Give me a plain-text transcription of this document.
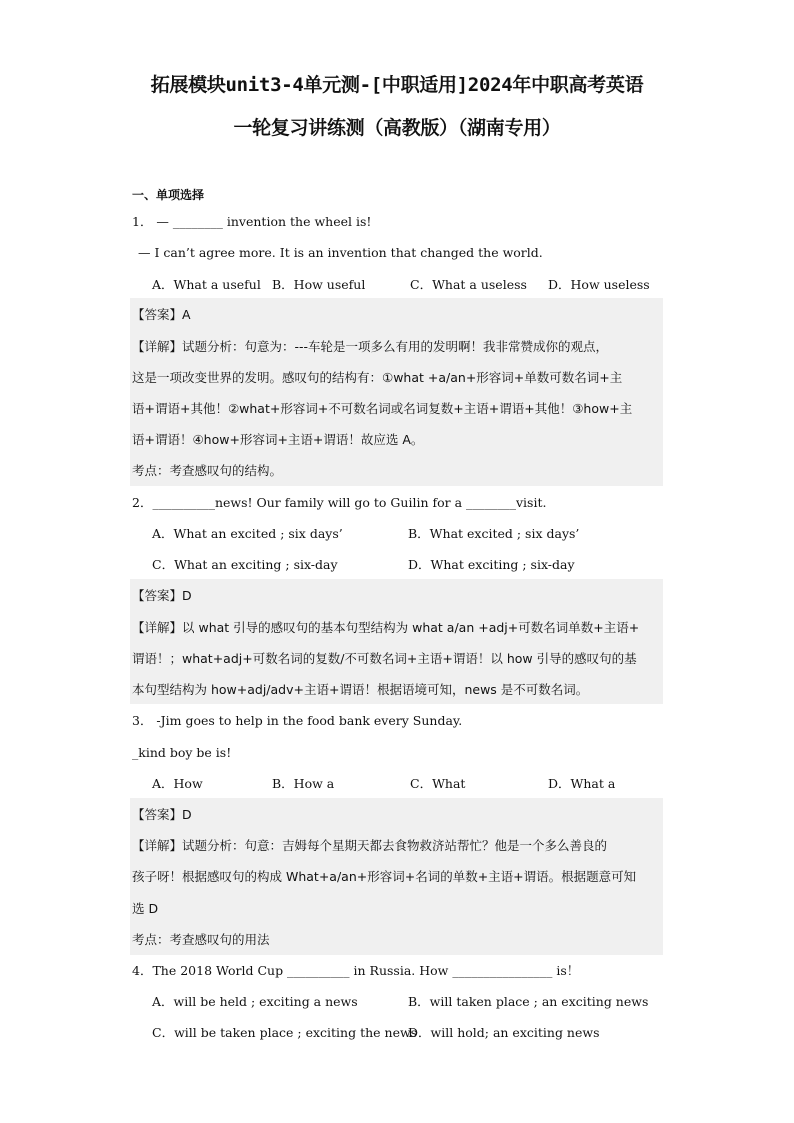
拓展模块unit3-4单元测-[中职适用]2024年中职高考英语
一轮复习讲练测（高教版）（湖南专用）
一、单项选择
1． — ________ invention the wheel is!
— I can’t agree more. It is an invention that changed the world.
A．What a useful B．How useful	C．What a useless D．How useless
【答案】A
【详解】试题分析：句意为：---车轮是一项多么有用的发明啊！我非常赞成你的观点，
这是一项改变世界的发明。感叹句的结构有：①what +a/an+形容词+单数可数名词+主
语+谓语+其他！②what+形容词+不可数名词或名词复数+主语+谓语+其他！③how+主
语+谓语！④how+形容词+主语+谓语！故应选 A。
考点：考查感叹句的结构。
2．__________news! Our family will go to Guilin for a ________visit.
A．What an excited ; six days’	B．What excited ; six days’
C．What an exciting ; six-day	D．What exciting ; six-day
【答案】D
【详解】以 what 引导的感叹句的基本句型结构为 what a/an +adj+可数名词单数+主语+
谓语！；what+adj+可数名词的复数/不可数名词+主语+谓语！以 how 引导的感叹句的基
本句型结构为 how+adj/adv+主语+谓语！根据语境可知，news 是不可数名词。
3． -Jim goes to help in the food bank every Sunday.
_kind boy be is!
A．How	B．How a	C．What	D．What a
【答案】D
【详解】试题分析：句意：吉姆每个星期天都去食物救济站帮忙？他是一个多么善良的
孩子呀！根据感叹句的构成 What+a/an+形容词+名词的单数+主语+谓语。根据题意可知
选 D
考点：考查感叹句的用法
4．The 2018 World Cup __________ in Russia. How ________________ is！
A．will be held ; exciting a news	B．will taken place ; an exciting news
C．will be taken place ; exciting the news
D．will hold; an exciting news
